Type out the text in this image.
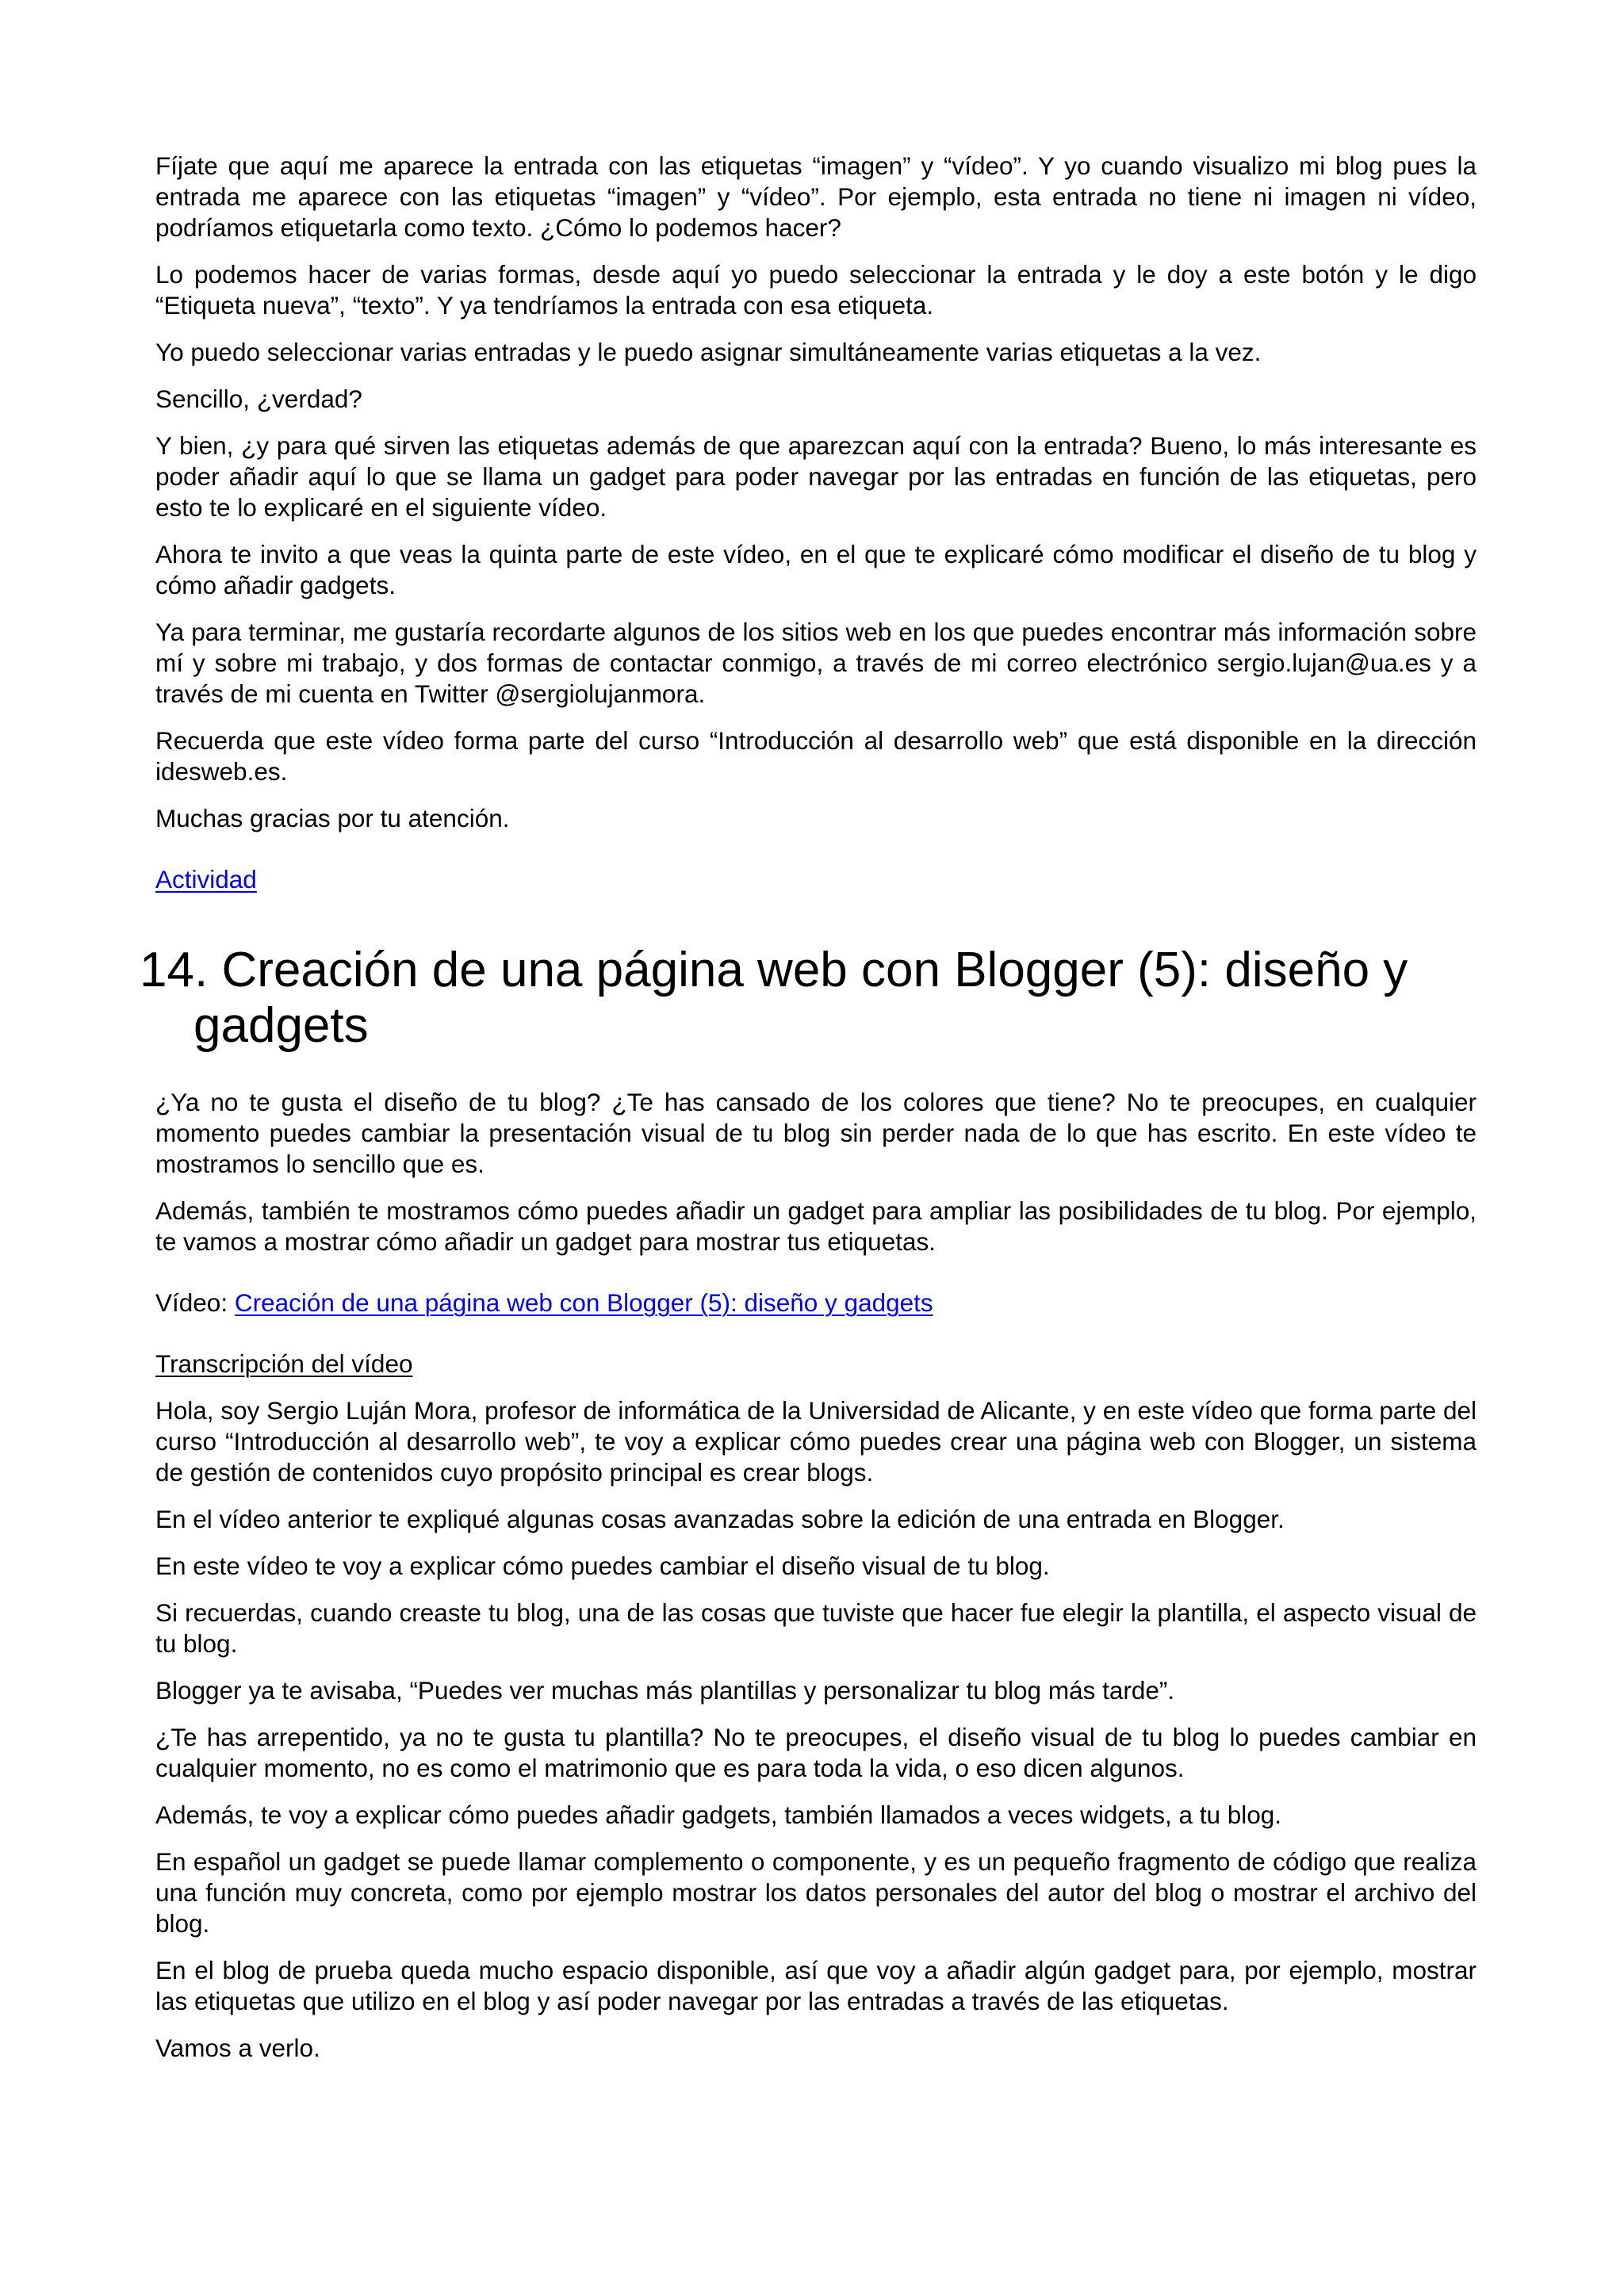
Fíjate que aquí me aparece la entrada con las etiquetas “imagen” y “vídeo”. Y yo cuando visualizo mi blog pues la entrada me aparece con las etiquetas “imagen” y “vídeo”. Por ejemplo, esta entrada no tiene ni imagen ni vídeo, podríamos etiquetarla como texto. ¿Cómo lo podemos hacer?

Lo podemos hacer de varias formas, desde aquí yo puedo seleccionar la entrada y le doy a este botón y le digo “Etiqueta nueva”, “texto”. Y ya tendríamos la entrada con esa etiqueta.

Yo puedo seleccionar varias entradas y le puedo asignar simultáneamente varias etiquetas a la vez.

Sencillo, ¿verdad?

Y bien, ¿y para qué sirven las etiquetas además de que aparezcan aquí con la entrada? Bueno, lo más interesante es poder añadir aquí lo que se llama un gadget para poder navegar por las entradas en función de las etiquetas, pero esto te lo explicaré en el siguiente vídeo.

Ahora te invito a que veas la quinta parte de este vídeo, en el que te explicaré cómo modificar el diseño de tu blog y cómo añadir gadgets.

Ya para terminar, me gustaría recordarte algunos de los sitios web en los que puedes encontrar más información sobre mí y sobre mi trabajo, y dos formas de contactar conmigo, a través de mi correo electrónico sergio.lujan@ua.es y a través de mi cuenta en Twitter @sergiolujanmora.

Recuerda que este vídeo forma parte del curso “Introducción al desarrollo web” que está disponible en la dirección idesweb.es.

Muchas gracias por tu atención.

Actividad

14. Creación de una página web con Blogger (5): diseño y gadgets

¿Ya no te gusta el diseño de tu blog? ¿Te has cansado de los colores que tiene? No te preocupes, en cualquier momento puedes cambiar la presentación visual de tu blog sin perder nada de lo que has escrito. En este vídeo te mostramos lo sencillo que es.

Además, también te mostramos cómo puedes añadir un gadget para ampliar las posibilidades de tu blog. Por ejemplo, te vamos a mostrar cómo añadir un gadget para mostrar tus etiquetas.

Vídeo: Creación de una página web con Blogger (5): diseño y gadgets

Transcripción del vídeo

Hola, soy Sergio Luján Mora, profesor de informática de la Universidad de Alicante, y en este vídeo que forma parte del curso “Introducción al desarrollo web”, te voy a explicar cómo puedes crear una página web con Blogger, un sistema de gestión de contenidos cuyo propósito principal es crear blogs.

En el vídeo anterior te expliqué algunas cosas avanzadas sobre la edición de una entrada en Blogger.

En este vídeo te voy a explicar cómo puedes cambiar el diseño visual de tu blog.

Si recuerdas, cuando creaste tu blog, una de las cosas que tuviste que hacer fue elegir la plantilla, el aspecto visual de tu blog.

Blogger ya te avisaba, “Puedes ver muchas más plantillas y personalizar tu blog más tarde”.

¿Te has arrepentido, ya no te gusta tu plantilla? No te preocupes, el diseño visual de tu blog lo puedes cambiar en cualquier momento, no es como el matrimonio que es para toda la vida, o eso dicen algunos.

Además, te voy a explicar cómo puedes añadir gadgets, también llamados a veces widgets, a tu blog.

En español un gadget se puede llamar complemento o componente, y es un pequeño fragmento de código que realiza una función muy concreta, como por ejemplo mostrar los datos personales del autor del blog o mostrar el archivo del blog.

En el blog de prueba queda mucho espacio disponible, así que voy a añadir algún gadget para, por ejemplo, mostrar las etiquetas que utilizo en el blog y así poder navegar por las entradas a través de las etiquetas.

Vamos a verlo.
